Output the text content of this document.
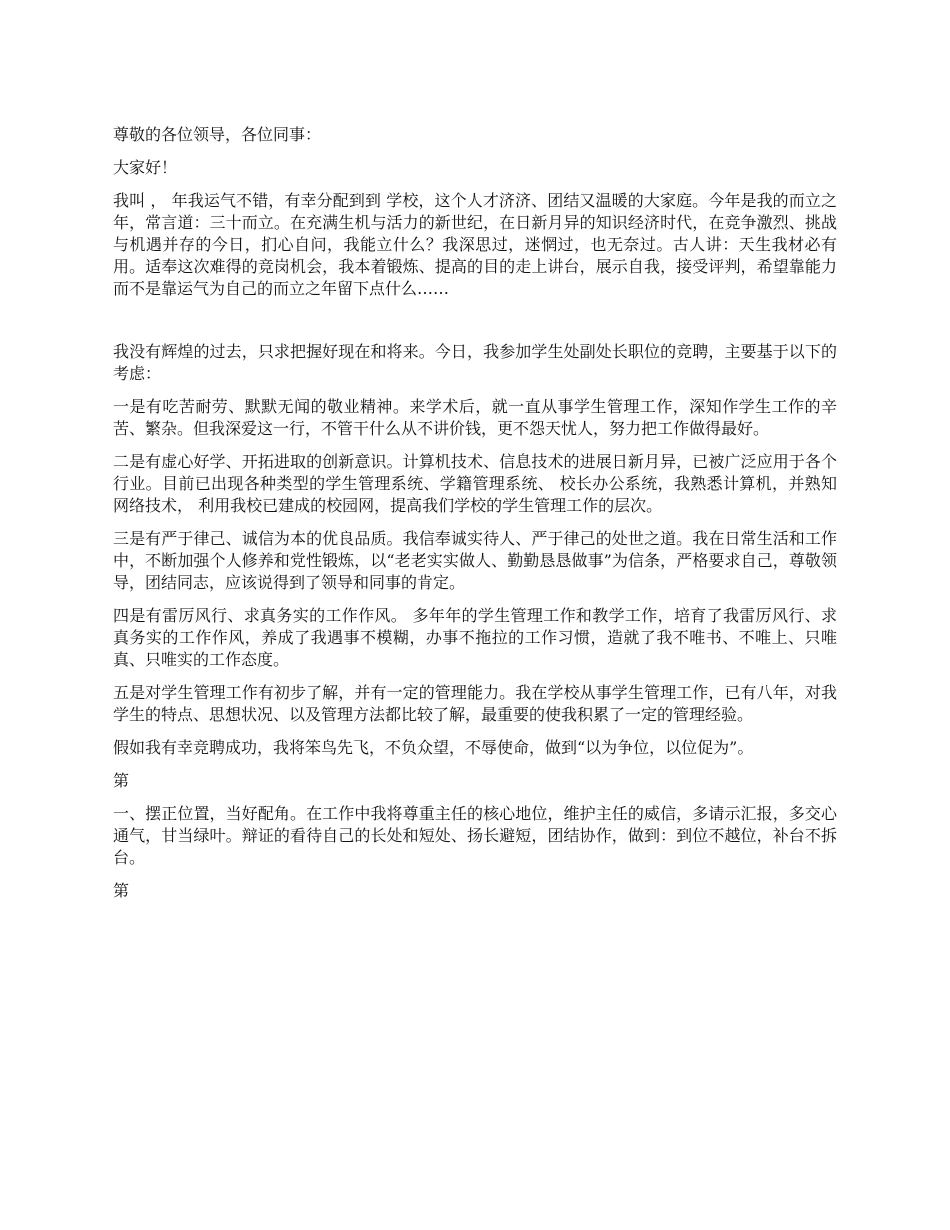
尊敬的各位领导，各位同事：

大家好！

我叫 ， 年我运气不错，有幸分配到到 学校，这个人才济济、团结又温暖的大家庭。今年是我的而立之年，常言道：三十而立。在充满生机与活力的新世纪，在日新月异的知识经济时代，在竞争激烈、挑战与机遇并存的今日，扪心自问，我能立什么？我深思过，迷惘过，也无奈过。古人讲：天生我材必有用。适奉这次难得的竞岗机会，我本着锻炼、提高的目的走上讲台，展示自我，接受评判，希望靠能力而不是靠运气为自己的而立之年留下点什么……

我没有辉煌的过去，只求把握好现在和将来。今日，我参加学生处副处长职位的竞聘，主要基于以下的考虑：

一是有吃苦耐劳、默默无闻的敬业精神。来学术后，就一直从事学生管理工作，深知作学生工作的辛苦、繁杂。但我深爱这一行，不管干什么从不讲价钱，更不怨天忧人，努力把工作做得最好。

二是有虚心好学、开拓进取的创新意识。计算机技术、信息技术的进展日新月异，已被广泛应用于各个行业。目前已出现各种类型的学生管理系统、学籍管理系统、 校长办公系统，我熟悉计算机，并熟知网络技术， 利用我校已建成的校园网，提高我们学校的学生管理工作的层次。

三是有严于律己、诚信为本的优良品质。我信奉诚实待人、严于律己的处世之道。我在日常生活和工作中，不断加强个人修养和党性锻炼，以“老老实实做人、勤勤恳恳做事”为信条，严格要求自己，尊敬领导，团结同志，应该说得到了领导和同事的肯定。

四是有雷厉风行、求真务实的工作作风。 多年年的学生管理工作和教学工作，培育了我雷厉风行、求真务实的工作作风，养成了我遇事不模糊，办事不拖拉的工作习惯，造就了我不唯书、不唯上、只唯真、只唯实的工作态度。

五是对学生管理工作有初步了解，并有一定的管理能力。我在学校从事学生管理工作，已有八年，对我学生的特点、思想状况、以及管理方法都比较了解，最重要的使我积累了一定的管理经验。

假如我有幸竞聘成功，我将笨鸟先飞，不负众望，不辱使命，做到“以为争位，以位促为”。

第

一、摆正位置，当好配角。在工作中我将尊重主任的核心地位，维护主任的威信，多请示汇报，多交心通气，甘当绿叶。辩证的看待自己的长处和短处、扬长避短，团结协作，做到：到位不越位，补台不拆台。

第
